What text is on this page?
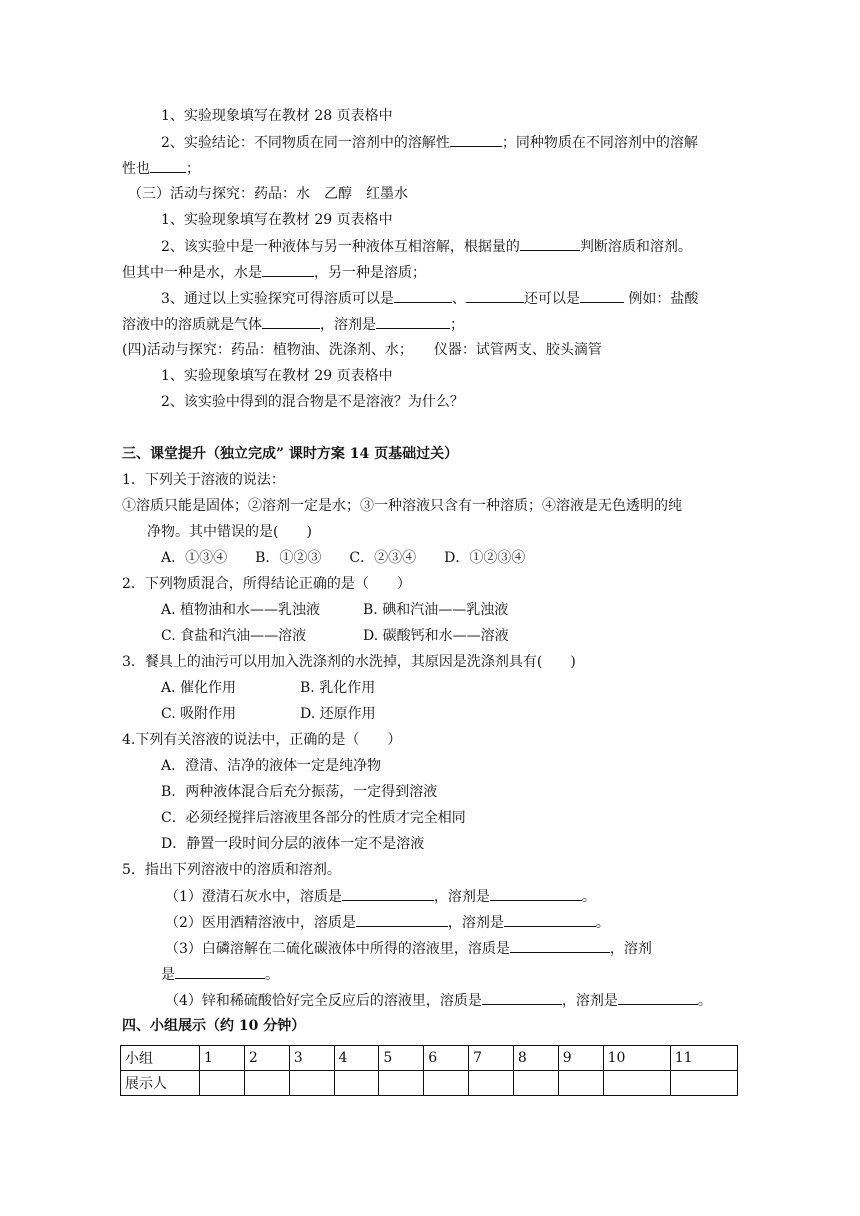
1、实验现象填写在教材 28 页表格中
2、实验结论：不同物质在同一溶剂中的溶解性	；同种物质在不同溶剂中的溶解
性也	；
（三）活动与探究：药品：水　乙醇　红墨水
1、实验现象填写在教材 29 页表格中
2、该实验中是一种液体与另一种液体互相溶解，根据量的	判断溶质和溶剂。
但其中一种是水，水是	，另一种是溶质；
3、通过以上实验探究可得溶质可以是	、	还可以是	例如：盐酸
溶液中的溶质就是气体	，溶剂是	；
(四)活动与探究：药品：植物油、洗涤剂、水；　　仪器：试管两支、胶头滴管
1、实验现象填写在教材 29 页表格中
2、该实验中得到的混合物是不是溶液？为什么？
三、课堂提升（独立完成” 课时方案 14 页基础过关）
1．下列关于溶液的说法：
①溶质只能是固体；②溶剂一定是水；③一种溶液只含有一种溶质；④溶液是无色透明的纯
净物。其中错误的是(　　)
A．①③④　　B．①②③　　C．②③④　　D．①②③④
2．下列物质混合，所得结论正确的是（　　）
A. 植物油和水——乳浊液	B. 碘和汽油——乳浊液
C. 食盐和汽油——溶液	D. 碳酸钙和水——溶液
3．餐具上的油污可以用加入洗涤剂的水洗掉，其原因是洗涤剂具有(　　)
A. 催化作用	B. 乳化作用
C. 吸附作用	D. 还原作用
4.下列有关溶液的说法中，正确的是（　　）
A．澄清、洁净的液体一定是纯净物
B．两种液体混合后充分振荡，一定得到溶液
C．必须经搅拌后溶液里各部分的性质才完全相同
D．静置一段时间分层的液体一定不是溶液
5．指出下列溶液中的溶质和溶剂。
（1）澄清石灰水中，溶质是	，溶剂是	。
（2）医用酒精溶液中，溶质是	，溶剂是	。
（3）白磷溶解在二硫化碳液体中所得的溶液里，溶质是	，溶剂
是	。
（4）锌和稀硫酸恰好完全反应后的溶液里，溶质是	，溶剂是	。
四、小组展示（约 10 分钟）
小组	1	2	3	4	5	6	7	8	9	10	11
展示人											
